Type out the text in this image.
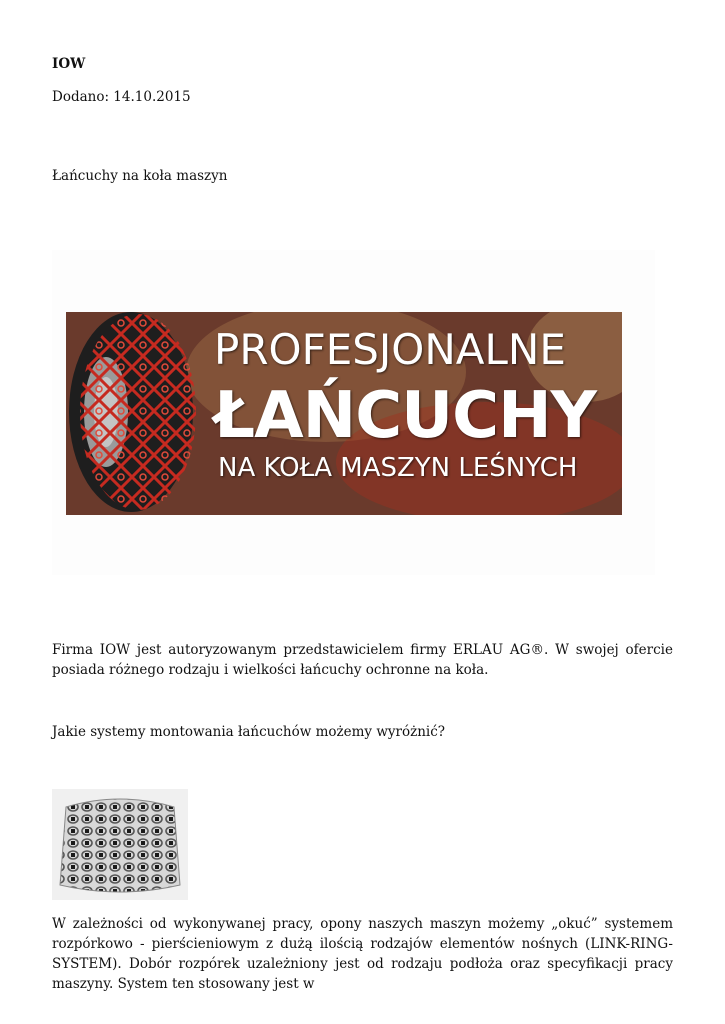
IOW

Dodano: 14.10.2015

Łańcuchy na koła maszyn

PROFESJONALNE
ŁAŃCUCHY
NA KOŁA MASZYN LEŚNYCH

Firma IOW jest autoryzowanym przedstawicielem firmy ERLAU AG®. W swojej ofercie posiada różnego rodzaju i wielkości łańcuchy ochronne na koła.

Jakie systemy montowania łańcuchów możemy wyróżnić?

W zależności od wykonywanej pracy, opony naszych maszyn możemy „okuć” systemem rozpórkowo - pierścieniowym z dużą ilością rodzajów elementów nośnych (LINK-RING-SYSTEM). Dobór rozpórek uzależniony jest od rodzaju podłoża oraz specyfikacji pracy maszyny. System ten stosowany jest w
